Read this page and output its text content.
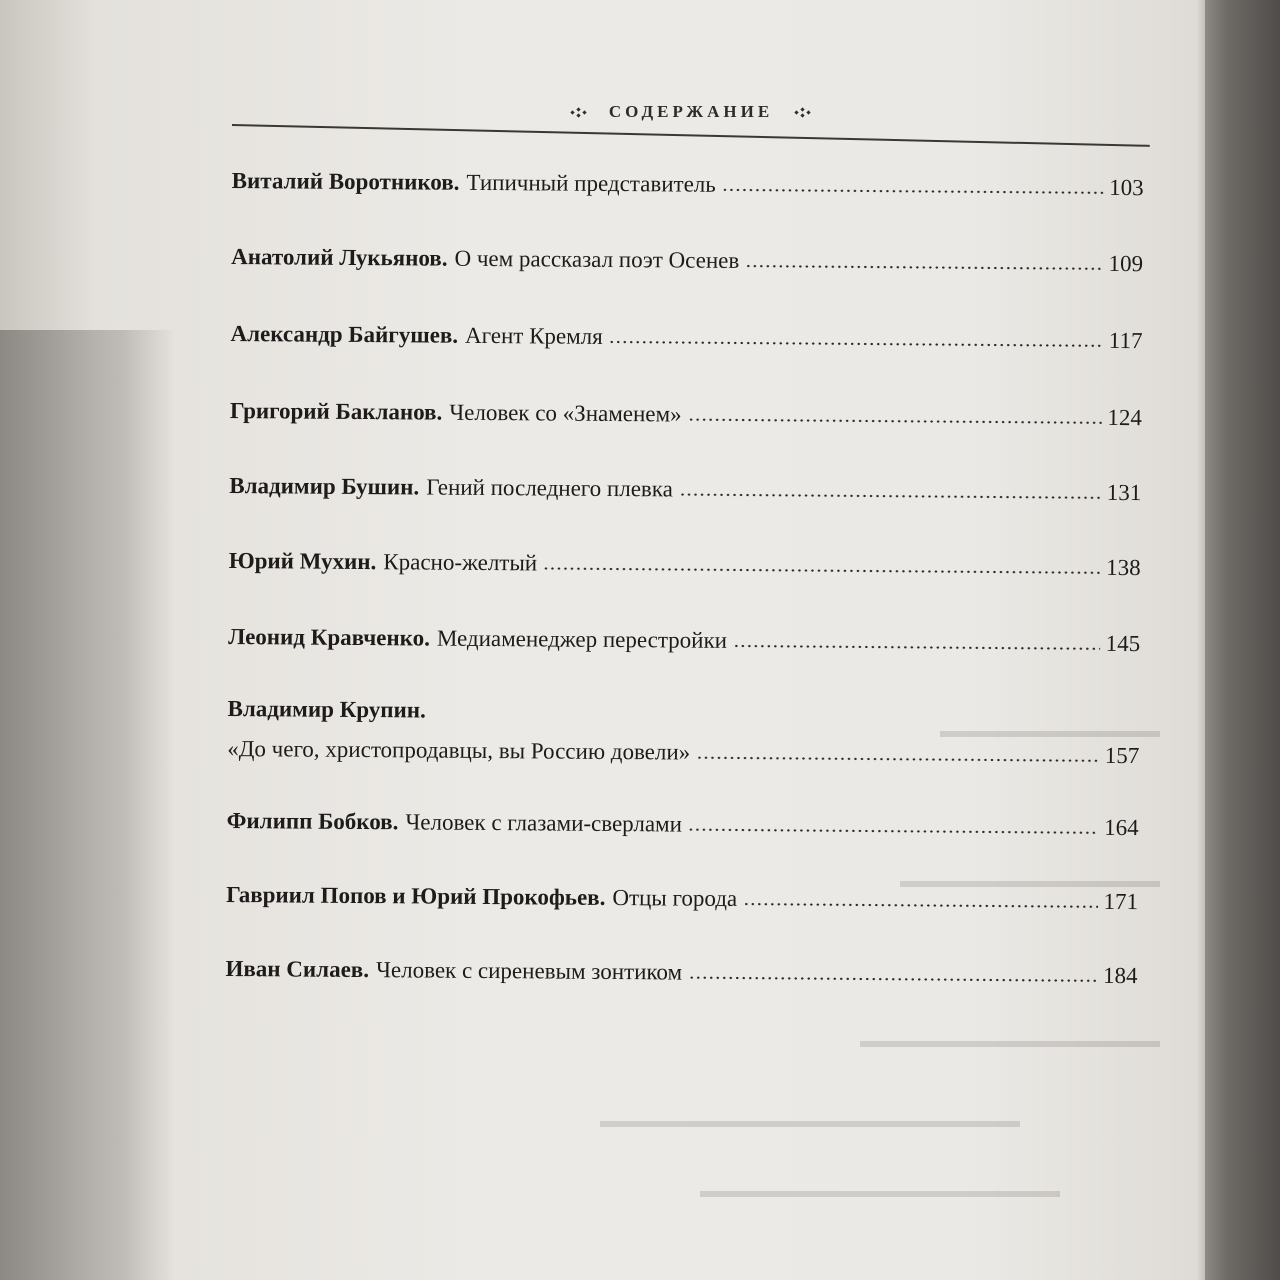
▬▬▬▬▬▬▬▬▬▬▬
▬▬▬▬▬▬▬▬▬▬▬▬▬
▬▬▬▬▬▬▬▬▬▬▬▬▬▬▬
▬▬▬▬▬▬▬▬▬▬▬▬▬▬▬▬▬▬▬▬▬
▬▬▬▬▬▬▬▬▬▬▬▬▬▬▬▬▬▬
СОДЕРЖАНИЕ
Виталий Воротников. Типичный представитель	103
Анатолий Лукьянов. О чем рассказал поэт Осенев	109
Александр Байгушев. Агент Кремля	117
Григорий Бакланов. Человек со «Знаменем»	124
Владимир Бушин. Гений последнего плевка	131
Юрий Мухин. Красно-желтый	138
Леонид Кравченко. Медиаменеджер перестройки	145
Владимир Крупин.
«До чего, христопродавцы, вы Россию довели»	157
Филипп Бобков. Человек с глазами-сверлами	164
Гавриил Попов и Юрий Прокофьев. Отцы города	171
Иван Силаев. Человек с сиреневым зонтиком	184
